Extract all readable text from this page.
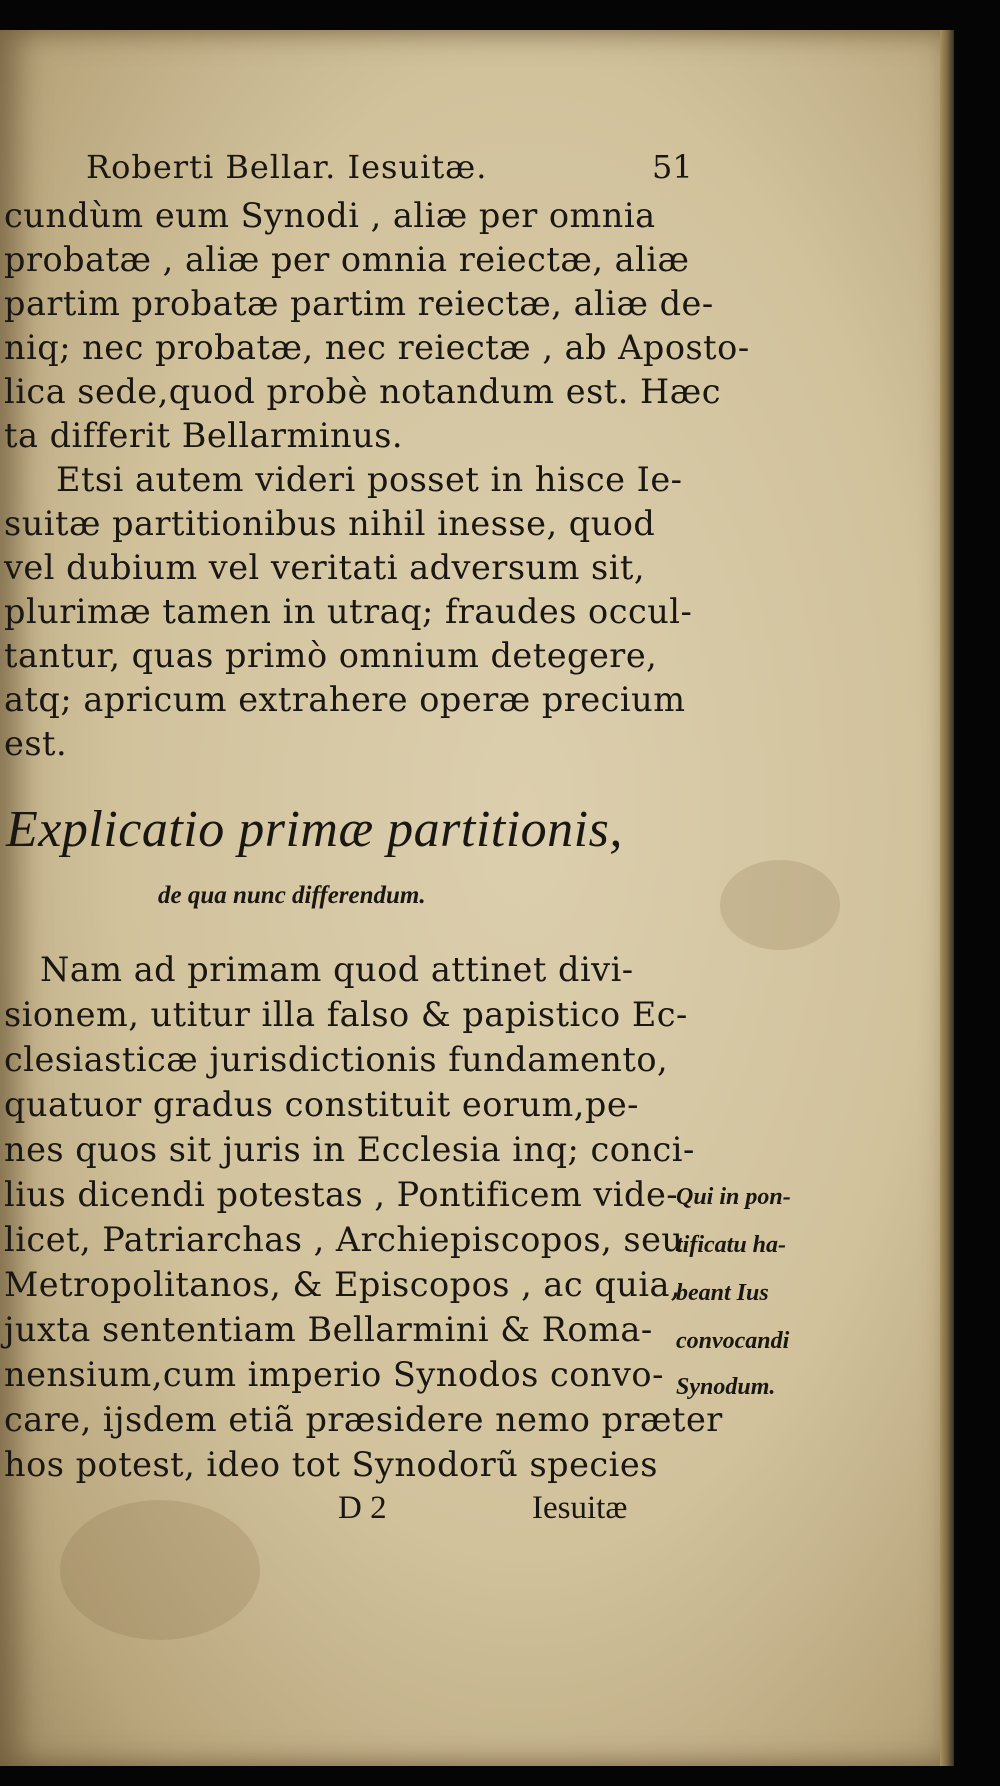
Roberti Bellar. Iesuitæ.	51
cundùm eum Synodi , aliæ per omnia
probatæ , aliæ per omnia reiectæ, aliæ
partim probatæ partim reiectæ, aliæ de-
niq; nec probatæ, nec reiectæ , ab Aposto-
lica sede,quod probè notandum est. Hæc
ta differit Bellarminus.
Etsi autem videri posset in hisce Ie-
suitæ partitionibus nihil inesse, quod
vel dubium vel veritati adversum sit,
plurimæ tamen in utraq; fraudes occul-
tantur, quas primò omnium detegere,
atq; apricum extrahere operæ precium
est.
Explicatio primæ partitionis,
de qua nunc differendum.
Nam ad primam quod attinet divi-
sionem, utitur illa falso & papistico Ec-
clesiasticæ jurisdictionis fundamento,
quatuor gradus constituit eorum,pe-
nes quos sit juris in Ecclesia inq; conci-
lius dicendi potestas , Pontificem vide-
licet, Patriarchas , Archiepiscopos, seu
Metropolitanos, & Episcopos , ac quia,
juxta sententiam Bellarmini & Roma-
nensium,cum imperio Synodos convo-
care, ijsdem etiã præsidere nemo præter
hos potest, ideo tot Synodorũ species
Qui in pon-
tificatu ha-
beant Ius
convocandi
Synodum.
D 2	Iesuitæ
